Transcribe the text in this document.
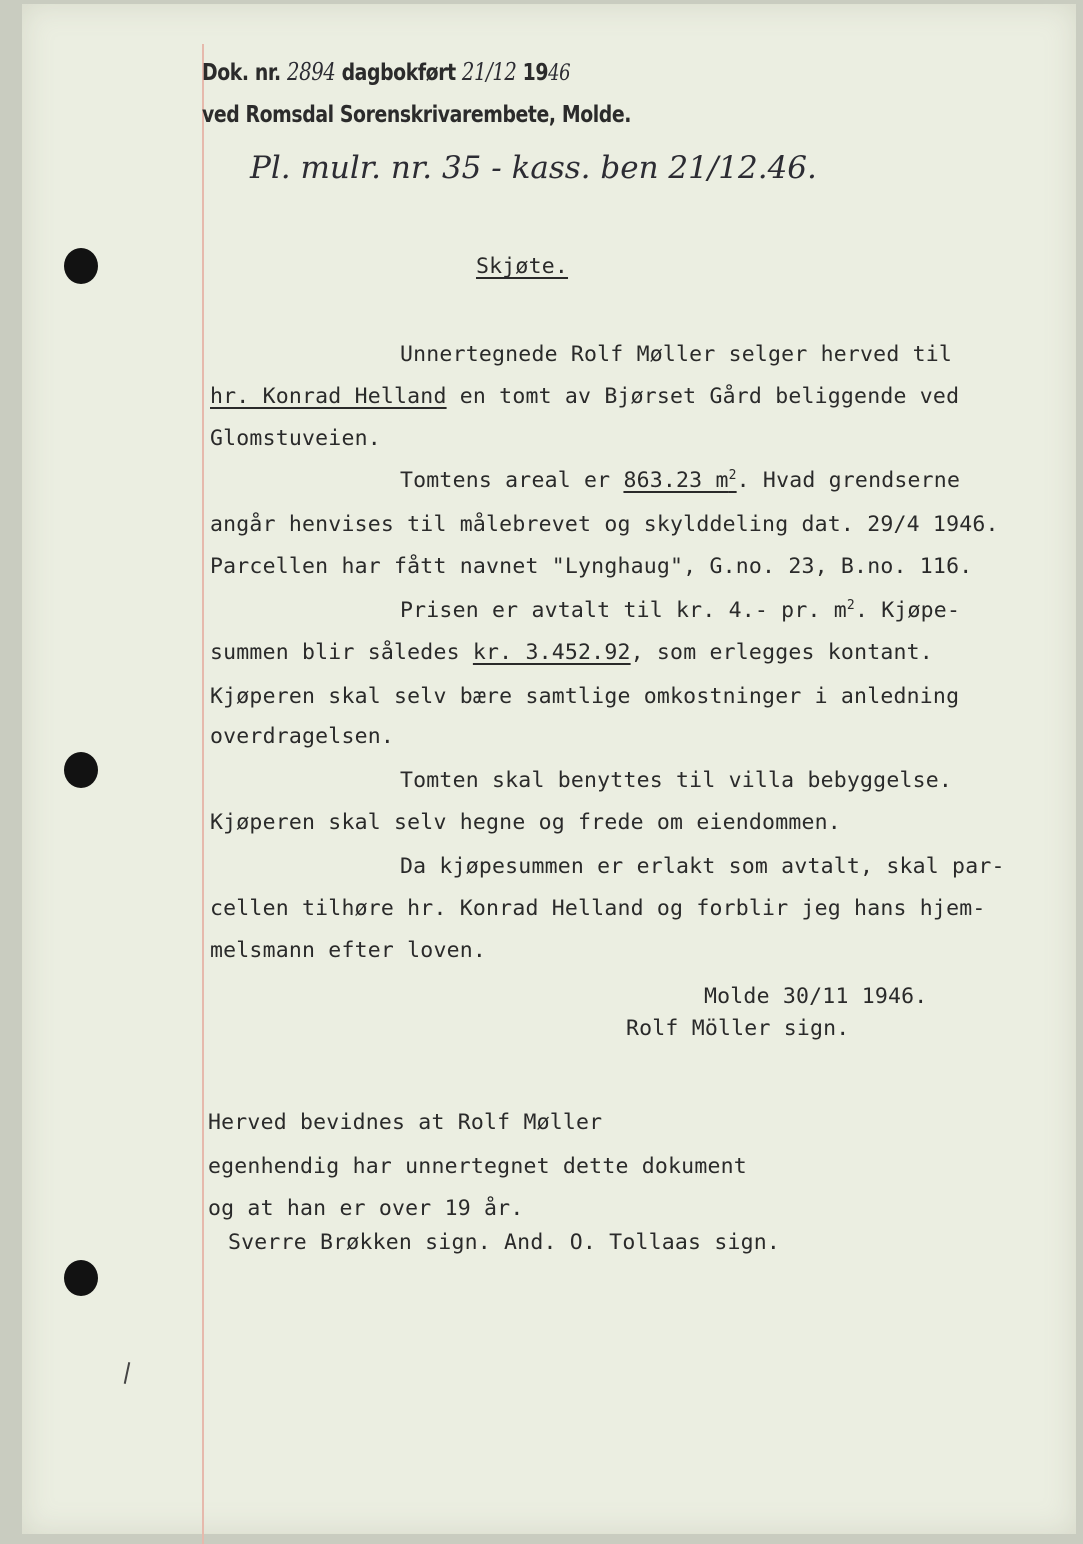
Dok. nr. 2894 dagbokført 21/12 1946
ved Romsdal Sorenskrivarembete, Molde.
Pl. mulr. nr. 35 - kass. ben 21/12.46.
Skjøte.
Unnertegnede Rolf Møller selger herved til
hr. Konrad Helland en tomt av Bjørset Gård beliggende ved
Glomstuveien.
Tomtens areal er 863.23 $m^2$. Hvad grendserne
angår henvises til målebrevet og skylddeling dat. 29/4 1946.
Parcellen har fått navnet "Lynghaug", G.no. 23, B.no. 116.
Prisen er avtalt til kr. 4.- pr. $m^2$. Kjøpe-
summen blir således kr. 3.452.92, som erlegges kontant.
Kjøperen skal selv bære samtlige omkostninger i anledning
overdragelsen.
Tomten skal benyttes til villa bebyggelse.
Kjøperen skal selv hegne og frede om eiendommen.
Da kjøpesummen er erlakt som avtalt, skal par-
cellen tilhøre hr. Konrad Helland og forblir jeg hans hjem-
melsmann efter loven.
Molde 30/11 1946.
Rolf Möller sign.
Herved bevidnes at Rolf Møller
egenhendig har unnertegnet dette dokument
og at han er over 19 år.
Sverre Brøkken sign. And. O. Tollaas sign.
